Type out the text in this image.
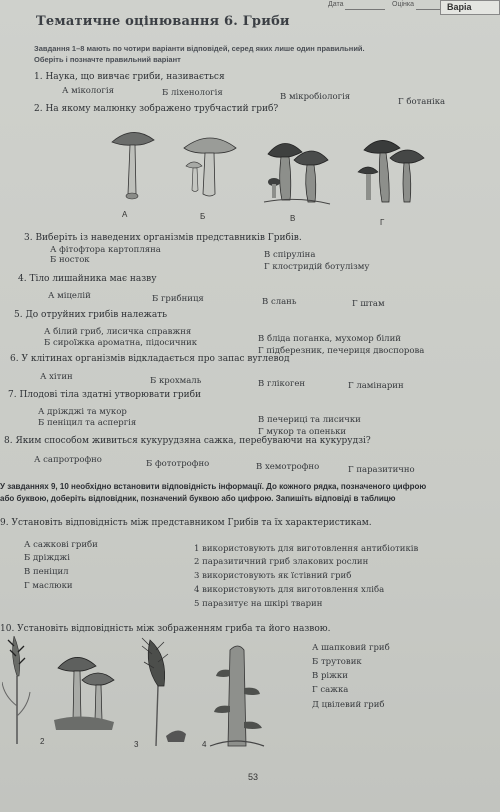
Дата	Оцінка	Варіа
Тематичне оцінювання 6. Гриби
Завдання 1–8 мають по чотири варіанти відповідей, серед яких лише один правильний.
Оберіть і позначте правильний варіант
1. Наука, що вивчає гриби, називається
А мікологія	Б ліхенологія	В мікробіологія	Г ботаніка
2. На якому малюнку зображено трубчастий гриб?
А	Б	В	Г
3. Виберіть із наведених організмів представників Грибів.
А фітофтора картопляна
Б носток	В спіруліна
Г клостридій ботулізму
4. Тіло лишайника має назву
А міцелій	Б грибниця	В слань	Г штам
5. До отруйних грибів належать
А білий гриб, лисичка справжня
Б сироїжка ароматна, підосичник	В бліда поганка, мухомор білий
Г підберезник, печериця двоспорова
6. У клітинах організмів відкладається про запас вуглевод
А хітин	Б крохмаль	В глікоген	Г ламінарин
7. Плодові тіла здатні утворювати гриби
А дріжджі та мукор
Б пеніцил та аспергія	В печериці та лисички
Г мукор та опеньки
8. Яким способом живиться кукурудзяна сажка, перебуваючи на кукурудзі?
А сапротрофно	Б фототрофно	В хемотрофно	Г паразитично
У завданнях 9, 10 необхідно встановити відповідність інформації. До кожного рядка, позначеного цифрою
або буквою, доберіть відповідник, позначений буквою або цифрою. Запишіть відповіді в таблицю
9. Установіть відповідність між представником Грибів та їх характеристикам.
А сажкові гриби
Б дріжджі
В пеніцил
Г маслюки
1 використовують для виготовлення антибіотиків
2 паразитичний гриб злакових рослин
3 використовують як їстівний гриб
4 використовують для виготовлення хліба
5 паразитує на шкірі тварин
10. Установіть відповідність між зображенням гриба та його назвою.
А шапковий гриб
Б трутовик
В ріжки
Г сажка
Д цвілевий гриб
2	3	4
53
